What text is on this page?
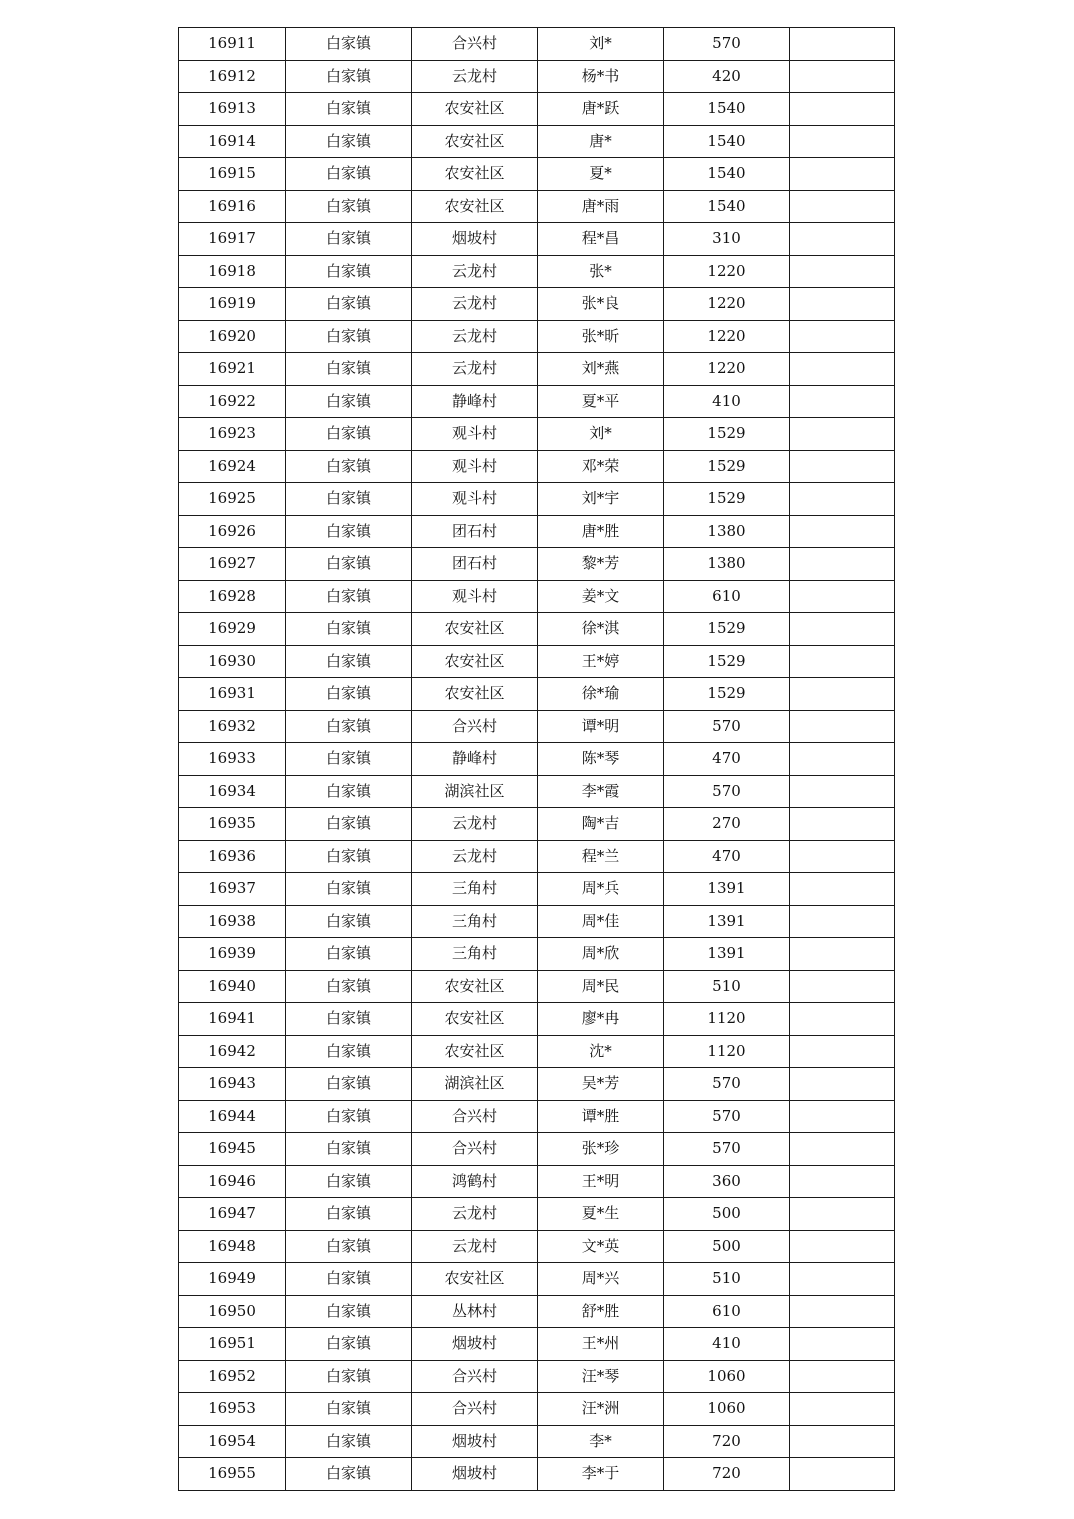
16911	白家镇	合兴村	刘*	570	
16912	白家镇	云龙村	杨*书	420	
16913	白家镇	农安社区	唐*跃	1540	
16914	白家镇	农安社区	唐*	1540	
16915	白家镇	农安社区	夏*	1540	
16916	白家镇	农安社区	唐*雨	1540	
16917	白家镇	烟坡村	程*昌	310	
16918	白家镇	云龙村	张*	1220	
16919	白家镇	云龙村	张*良	1220	
16920	白家镇	云龙村	张*昕	1220	
16921	白家镇	云龙村	刘*燕	1220	
16922	白家镇	静峰村	夏*平	410	
16923	白家镇	观斗村	刘*	1529	
16924	白家镇	观斗村	邓*荣	1529	
16925	白家镇	观斗村	刘*宇	1529	
16926	白家镇	团石村	唐*胜	1380	
16927	白家镇	团石村	黎*芳	1380	
16928	白家镇	观斗村	姜*文	610	
16929	白家镇	农安社区	徐*淇	1529	
16930	白家镇	农安社区	王*婷	1529	
16931	白家镇	农安社区	徐*瑜	1529	
16932	白家镇	合兴村	谭*明	570	
16933	白家镇	静峰村	陈*琴	470	
16934	白家镇	湖滨社区	李*霞	570	
16935	白家镇	云龙村	陶*吉	270	
16936	白家镇	云龙村	程*兰	470	
16937	白家镇	三角村	周*兵	1391	
16938	白家镇	三角村	周*佳	1391	
16939	白家镇	三角村	周*欣	1391	
16940	白家镇	农安社区	周*民	510	
16941	白家镇	农安社区	廖*冉	1120	
16942	白家镇	农安社区	沈*	1120	
16943	白家镇	湖滨社区	吴*芳	570	
16944	白家镇	合兴村	谭*胜	570	
16945	白家镇	合兴村	张*珍	570	
16946	白家镇	鸿鹤村	王*明	360	
16947	白家镇	云龙村	夏*生	500	
16948	白家镇	云龙村	文*英	500	
16949	白家镇	农安社区	周*兴	510	
16950	白家镇	丛林村	舒*胜	610	
16951	白家镇	烟坡村	王*州	410	
16952	白家镇	合兴村	汪*琴	1060	
16953	白家镇	合兴村	汪*洲	1060	
16954	白家镇	烟坡村	李*	720	
16955	白家镇	烟坡村	李*于	720	
